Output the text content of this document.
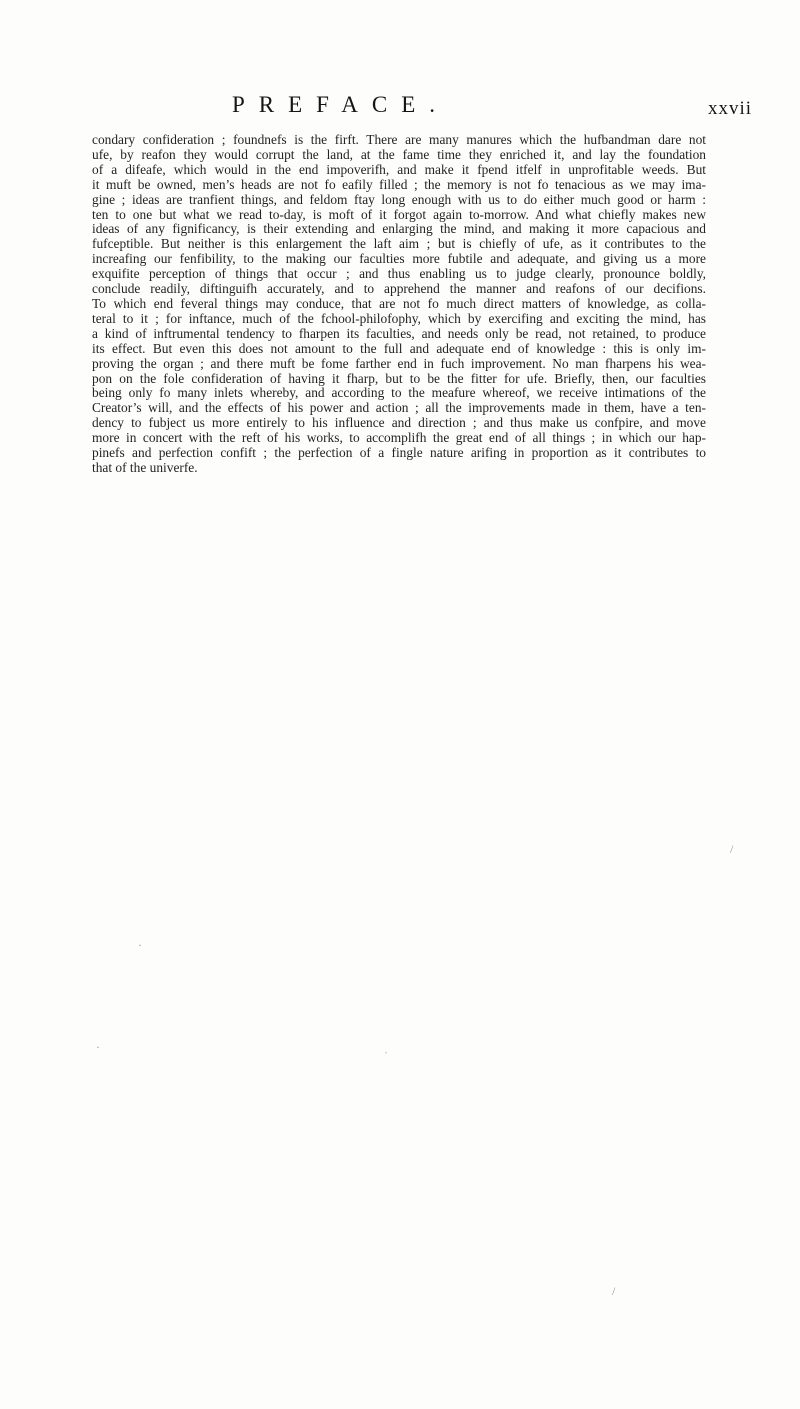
PREFACE.	xxvii
condary confideration ; foundnefs is the firft. There are many manures which the hufbandman dare not
ufe, by reafon they would corrupt the land, at the fame time they enriched it, and lay the foundation
of a difeafe, which would in the end impoverifh, and make it fpend itfelf in unprofitable weeds. But
it muft be owned, men’s heads are not fo eafily filled ; the memory is not fo tenacious as we may ima-
gine ; ideas are tranfient things, and feldom ftay long enough with us to do either much good or harm :
ten to one but what we read to-day, is moft of it forgot again to-morrow. And what chiefly makes new
ideas of any fignificancy, is their extending and enlarging the mind, and making it more capacious and
fufceptible. But neither is this enlargement the laft aim ; but is chiefly of ufe, as it contributes to the
increafing our fenfibility, to the making our faculties more fubtile and adequate, and giving us a more
exquifite perception of things that occur ; and thus enabling us to judge clearly, pronounce boldly,
conclude readily, diftinguifh accurately, and to apprehend the manner and reafons of our decifions.
To which end feveral things may conduce, that are not fo much direct matters of knowledge, as colla-
teral to it ; for inftance, much of the fchool-philofophy, which by exercifing and exciting the mind, has
a kind of inftrumental tendency to fharpen its faculties, and needs only be read, not retained, to produce
its effect. But even this does not amount to the full and adequate end of knowledge : this is only im-
proving the organ ; and there muft be fome farther end in fuch improvement. No man fharpens his wea-
pon on the fole confideration of having it fharp, but to be the fitter for ufe. Briefly, then, our faculties
being only fo many inlets whereby, and according to the meafure whereof, we receive intimations of the
Creator’s will, and the effects of his power and action ; all the improvements made in them, have a ten-
dency to fubject us more entirely to his influence and direction ; and thus make us confpire, and move
more in concert with the reft of his works, to accomplifh the great end of all things ; in which our hap-
pinefs and perfection confift ; the perfection of a fingle nature arifing in proportion as it contributes to
that of the univerfe.
/
·
ˌ
·
/
